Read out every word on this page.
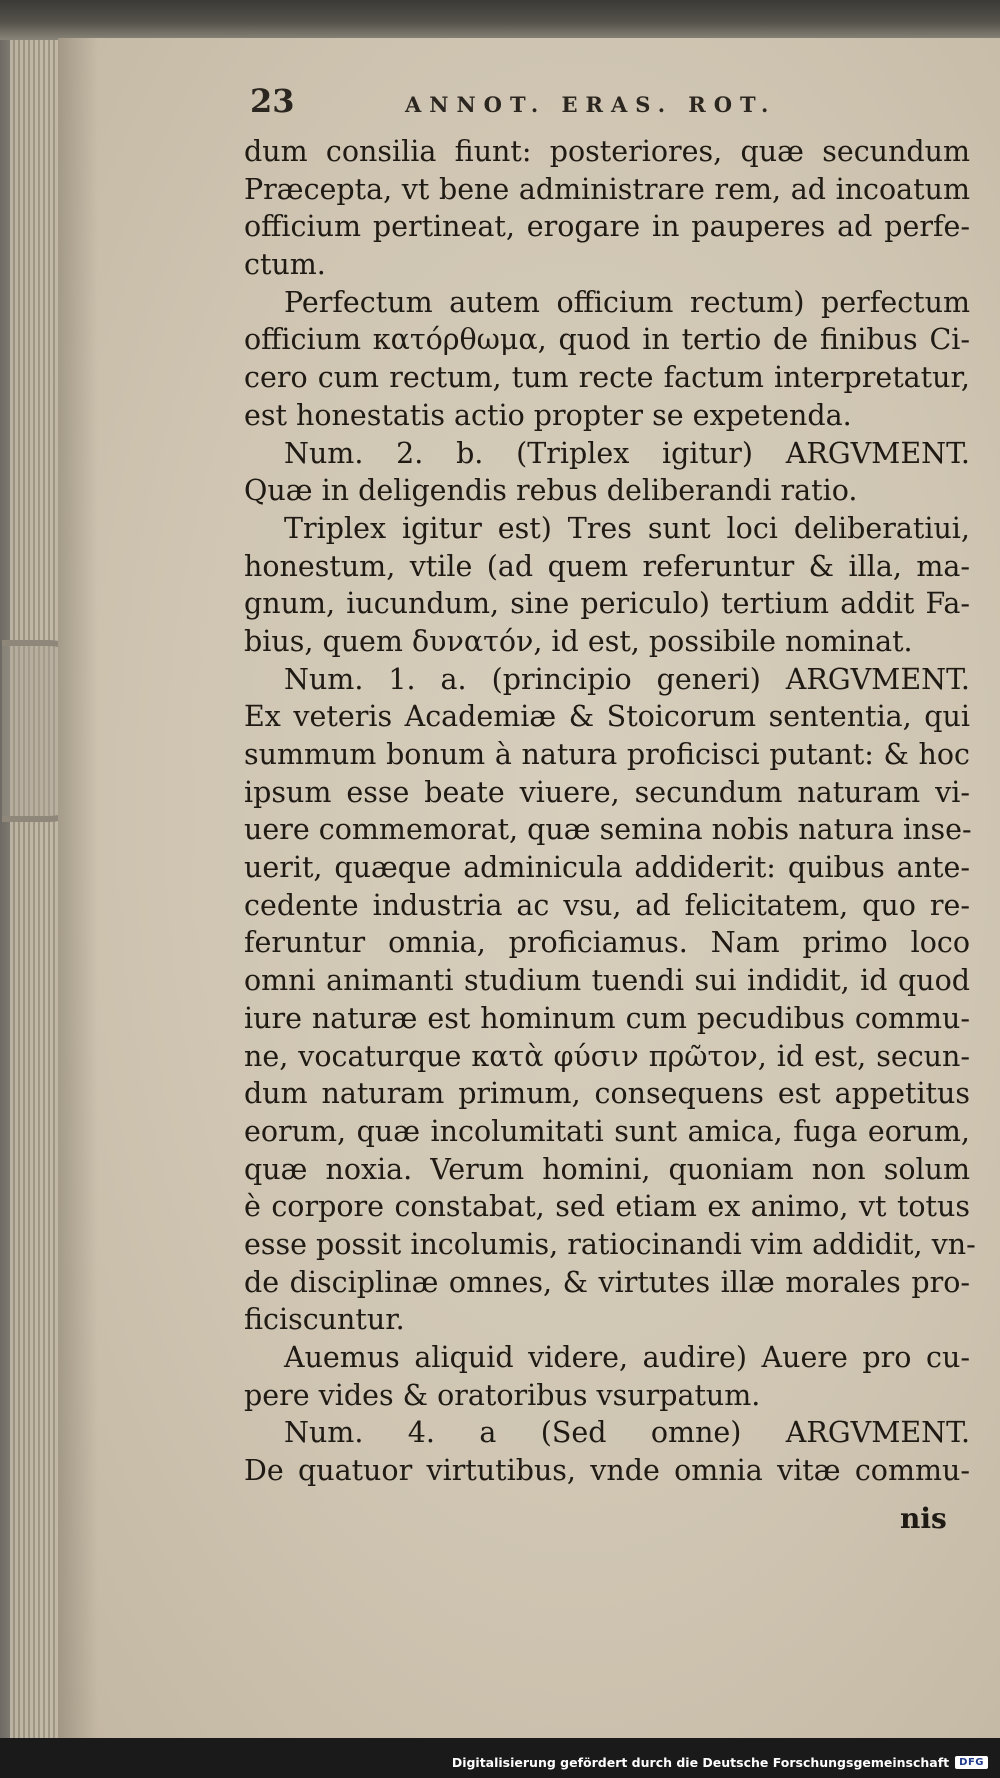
23	ANNOT. ERAS. ROT.
dum consilia fiunt: posteriores, quæ secundum
Præcepta, vt bene administrare rem, ad incoatum
officium pertineat, erogare in pauperes ad perfe-
ctum.
Perfectum autem officium rectum) perfectum
officium κατόρθωμα, quod in tertio de finibus Ci-
cero cum rectum, tum recte factum interpretatur,
est honestatis actio propter se expetenda.
Num. 2. b. (Triplex igitur) ARGVMENT.
Quæ in deligendis rebus deliberandi ratio.
Triplex igitur est) Tres sunt loci deliberatiui,
honestum, vtile (ad quem referuntur & illa, ma-
gnum, iucundum, sine periculo) tertium addit Fa-
bius, quem δυνατόν, id est, possibile nominat.
Num. 1. a. (principio generi) ARGVMENT.
Ex veteris Academiæ & Stoicorum sententia, qui
summum bonum à natura proficisci putant: & hoc
ipsum esse beate viuere, secundum naturam vi-
uere commemorat, quæ semina nobis natura inse-
uerit, quæque adminicula addiderit: quibus ante-
cedente industria ac vsu, ad felicitatem, quo re-
feruntur omnia, proficiamus. Nam primo loco
omni animanti studium tuendi sui indidit, id quod
iure naturæ est hominum cum pecudibus commu-
ne, vocaturque κατὰ φύσιν πρῶτον, id est, secun-
dum naturam primum, consequens est appetitus
eorum, quæ incolumitati sunt amica, fuga eorum,
quæ noxia. Verum homini, quoniam non solum
è corpore constabat, sed etiam ex animo, vt totus
esse possit incolumis, ratiocinandi vim addidit, vn-
de disciplinæ omnes, & virtutes illæ morales pro-
ficiscuntur.
Auemus aliquid videre, audire) Auere pro cu-
pere vides & oratoribus vsurpatum.
Num. 4. a (Sed omne) ARGVMENT.
De quatuor virtutibus, vnde omnia vitæ commu-
nis
Digitalisierung gefördert durch die Deutsche Forschungsgemeinschaft	DFG
